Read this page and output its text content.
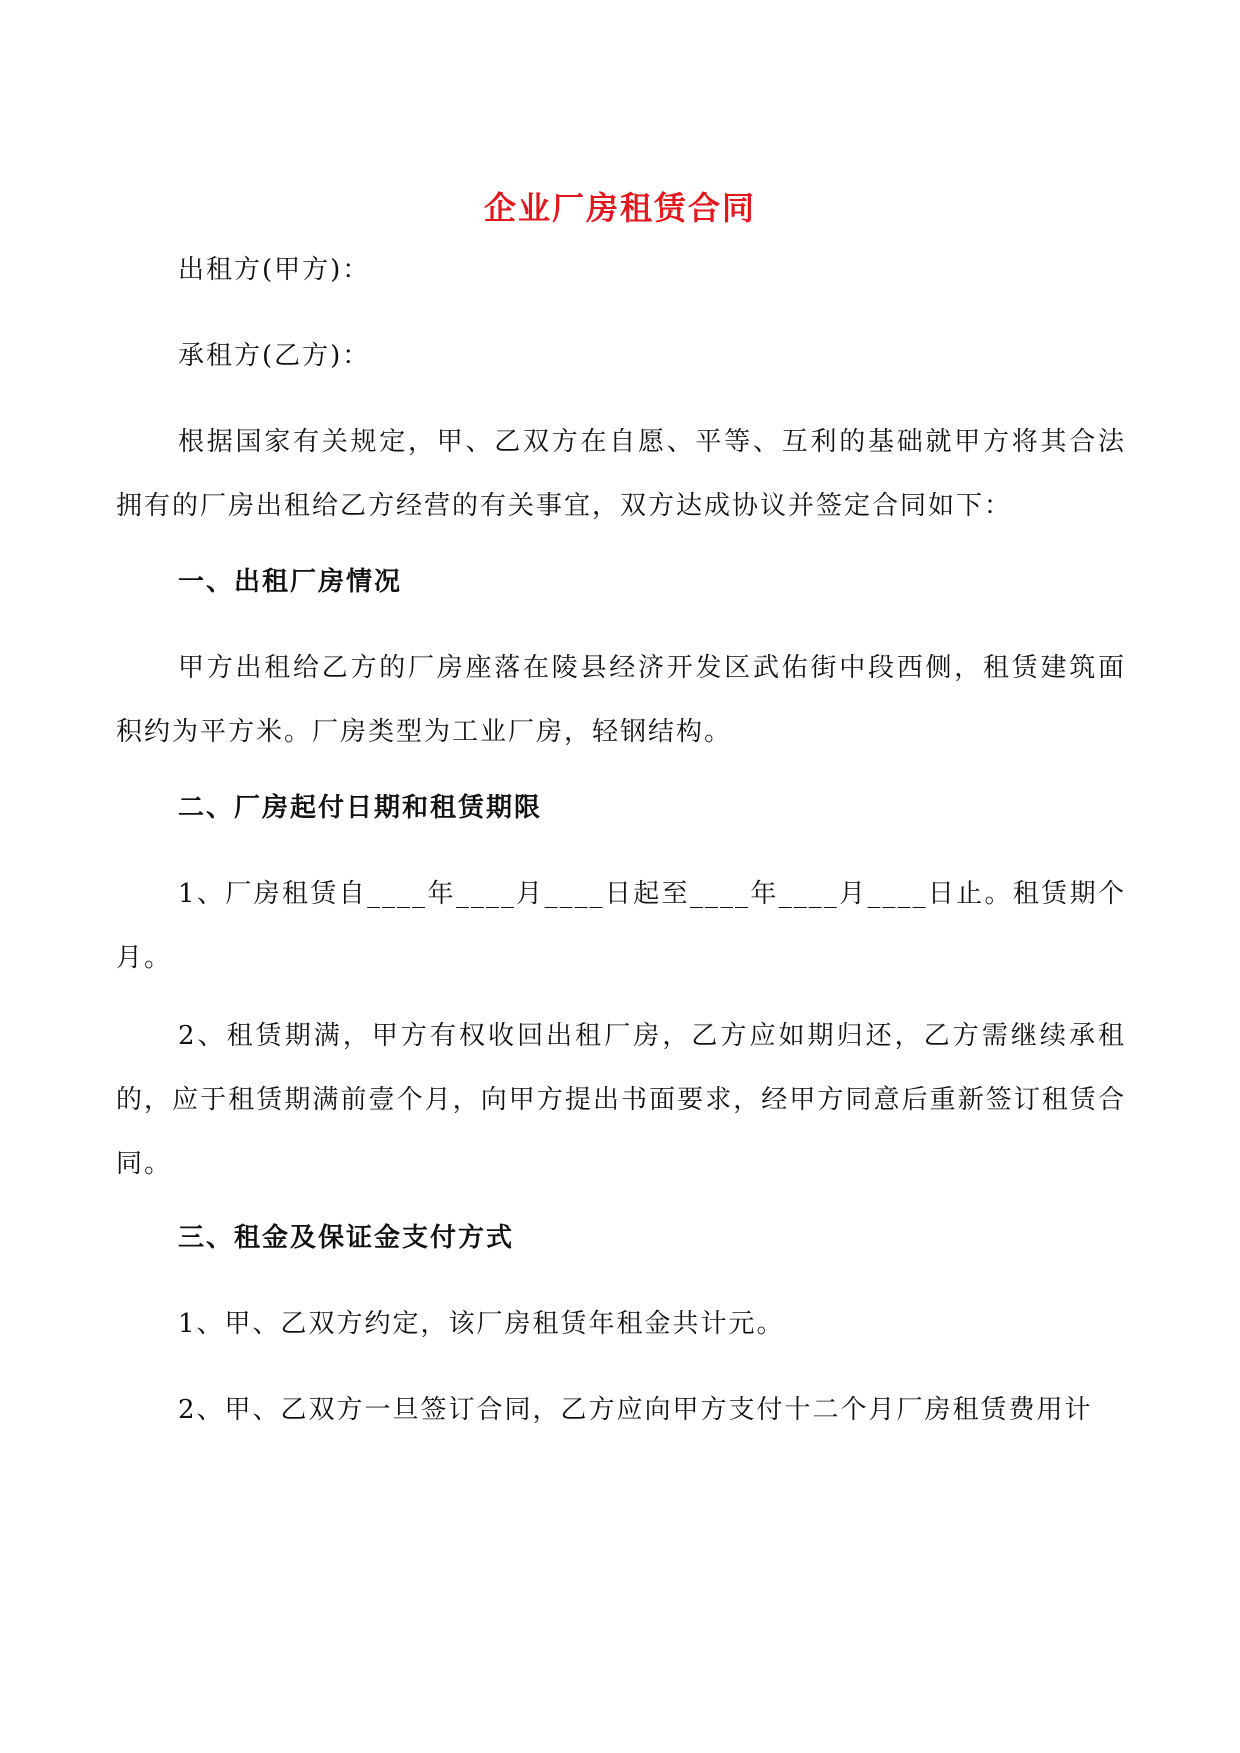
企业厂房租赁合同
出租方(甲方)：
承租方(乙方)：
根据国家有关规定，甲、乙双方在自愿、平等、互利的基础就甲方将其合法拥有的厂房出租给乙方经营的有关事宜，双方达成协议并签定合同如下：
一、出租厂房情况
甲方出租给乙方的厂房座落在陵县经济开发区武佑街中段西侧，租赁建筑面积约为平方米。厂房类型为工业厂房，轻钢结构。
二、厂房起付日期和租赁期限
1、厂房租赁自____年____月____日起至____年____月____日止。租赁期个月。
2、租赁期满，甲方有权收回出租厂房，乙方应如期归还，乙方需继续承租的，应于租赁期满前壹个月，向甲方提出书面要求，经甲方同意后重新签订租赁合同。
三、租金及保证金支付方式
1、甲、乙双方约定，该厂房租赁年租金共计元。
2、甲、乙双方一旦签订合同，乙方应向甲方支付十二个月厂房租赁费用计
